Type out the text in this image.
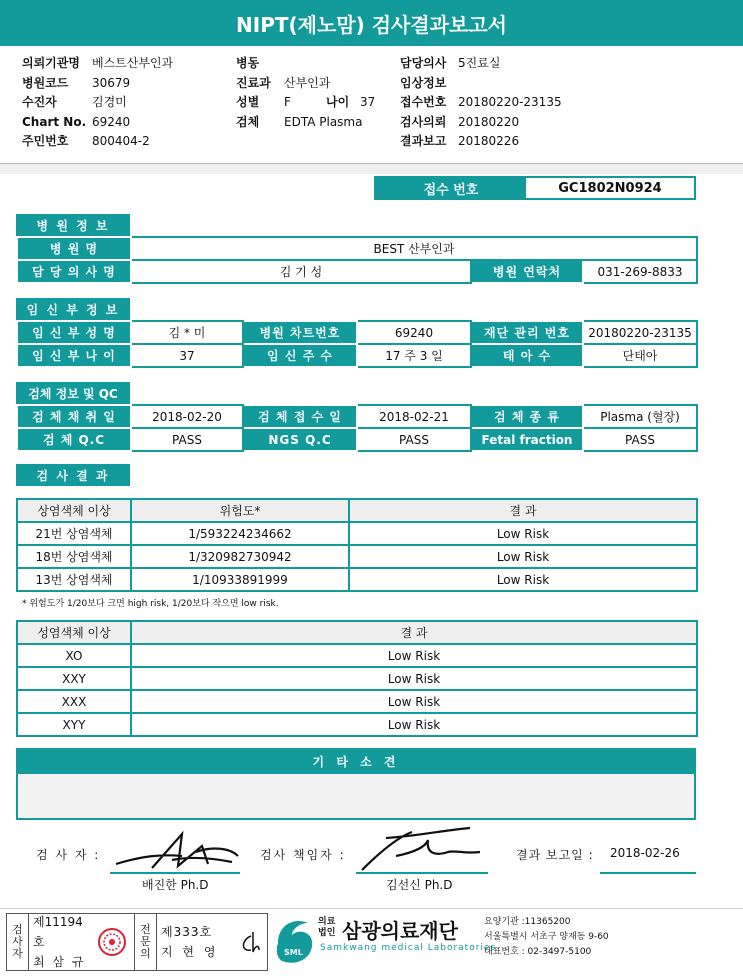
NIPT(제노맘) 검사결과보고서
의뢰기관명 베스트산부인과
병원코드 30679
수진자	김경미
Chart No. 69240
주민번호 800404-2
병동
진료과 산부인과
성별 F	나이 37
검체 EDTA Plasma
담당의사 5진료실
임상정보
접수번호 20180220-23135
검사의뢰 20180220
결과보고 20180226
접수 번호	GC1802N0924
병 원 정 보
병 원 명	BEST 산부인과		
담 당 의 사 명	김 기 성	병원 연락처	031-269-8833
임 신 부 정 보
임 신 부 성 명	김 * 미	병원 차트번호	69240	재단 관리 번호	20180220-23135
임 신 부 나 이	37	임 신 주 수	17 주 3 일	태 아 수	단태아
검체 정보 및 QC
검 체 채 취 일	2018-02-20	검 체 접 수 일	2018-02-21	검 체 종 류	Plasma (혈장)
검 체 Q.C	PASS	NGS Q.C	PASS	Fetal fraction	PASS
검 사 결 과
상염색체 이상	위험도*	결 과
21번 상염색체	1/593224234662	Low Risk
18번 상염색체	1/320982730942	Low Risk
13번 상염색체	1/10933891999	Low Risk
* 위험도가 1/20보다 크면 high risk, 1/20보다 작으면 low risk.
성염색체 이상	결 과
XO	Low Risk
XXY	Low Risk
XXX	Low Risk
XYY	Low Risk
기 타 소 견
검 사 자 :
배진한 Ph.D
검사 책임자 :
김선신 Ph.D
결과 보고일 : 2018-02-26
검
사
자
제11194호
최 삼 규
전
문
의
제333호
지 현 영	SML
의료
법인 삼광의료재단
Samkwang medical Laboratories
요양기관 :11365200
서울특별시 서초구 양재동 9-60
대표번호 : 02-3497-5100
